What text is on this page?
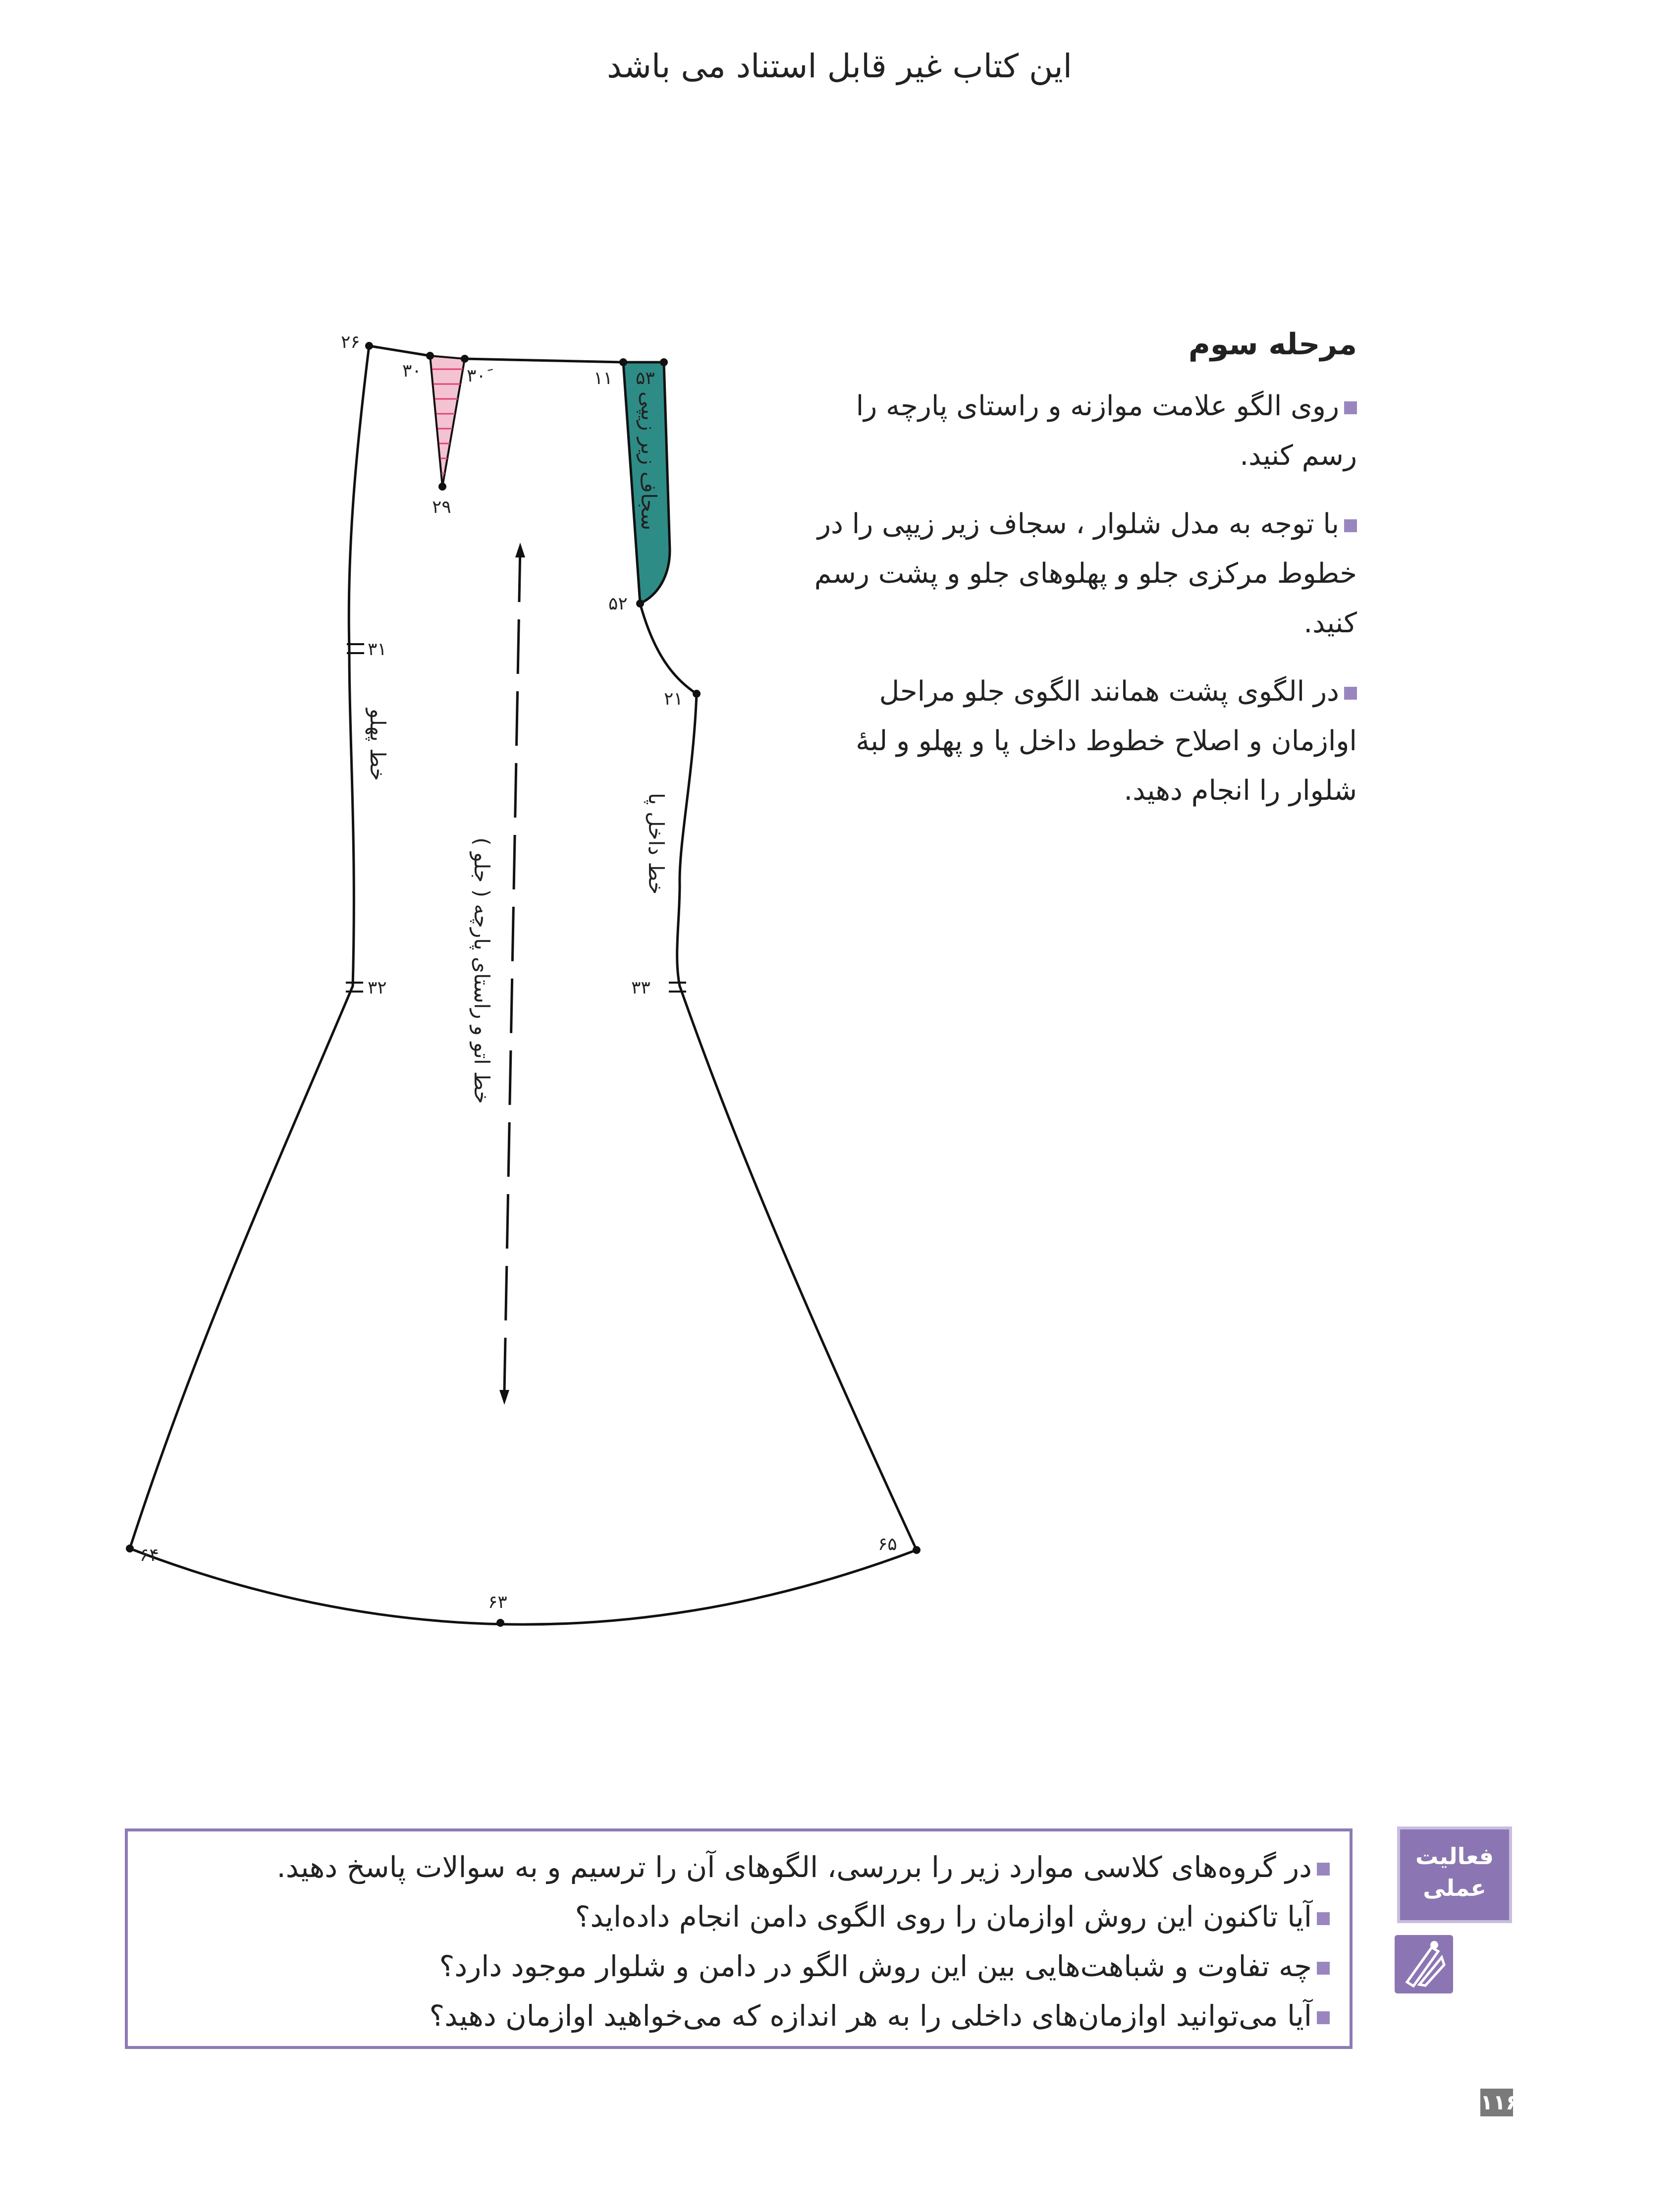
این کتاب غیر قابل استناد می باشد
۲۶
۳۰	۳۰َ	۱۱ ۵۳
۲۹
۵۲
۳۱
۲۱
۳۲	۳۳
۶۴
۶۵
۶۳
سجاف زیر زیپی
خط پهلو
خط داخل پا
خط اتو و راستای پارچه ( جلو )
مرحله سوم

روی الگو علامت موازنه و راستای پارچه را رسم کنید.

با توجه به مدل شلوار ، سجاف زیر زیپی را در خطوط مرکزی جلو و پهلوهای جلو و پشت رسم کنید.

در الگوی پشت همانند الگوی جلو مراحل اوازمان و اصلاح خطوط داخل پا و پهلو و لبهٔ شلوار را انجام دهید.

فعالیت
عملی

در گروه‌های کلاسی موارد زیر را بررسی، الگوهای آن را ترسیم و به سوالات پاسخ دهید.

آیا تاکنون این روش اوازمان را روی الگوی دامن انجام داده‌اید؟

چه تفاوت و شباهت‌هایی بین این روش الگو در دامن و شلوار موجود دارد؟

آیا می‌توانید اوازمان‌های داخلی را به هر اندازه که می‌خواهید اوازمان دهید؟

۱۱۶
